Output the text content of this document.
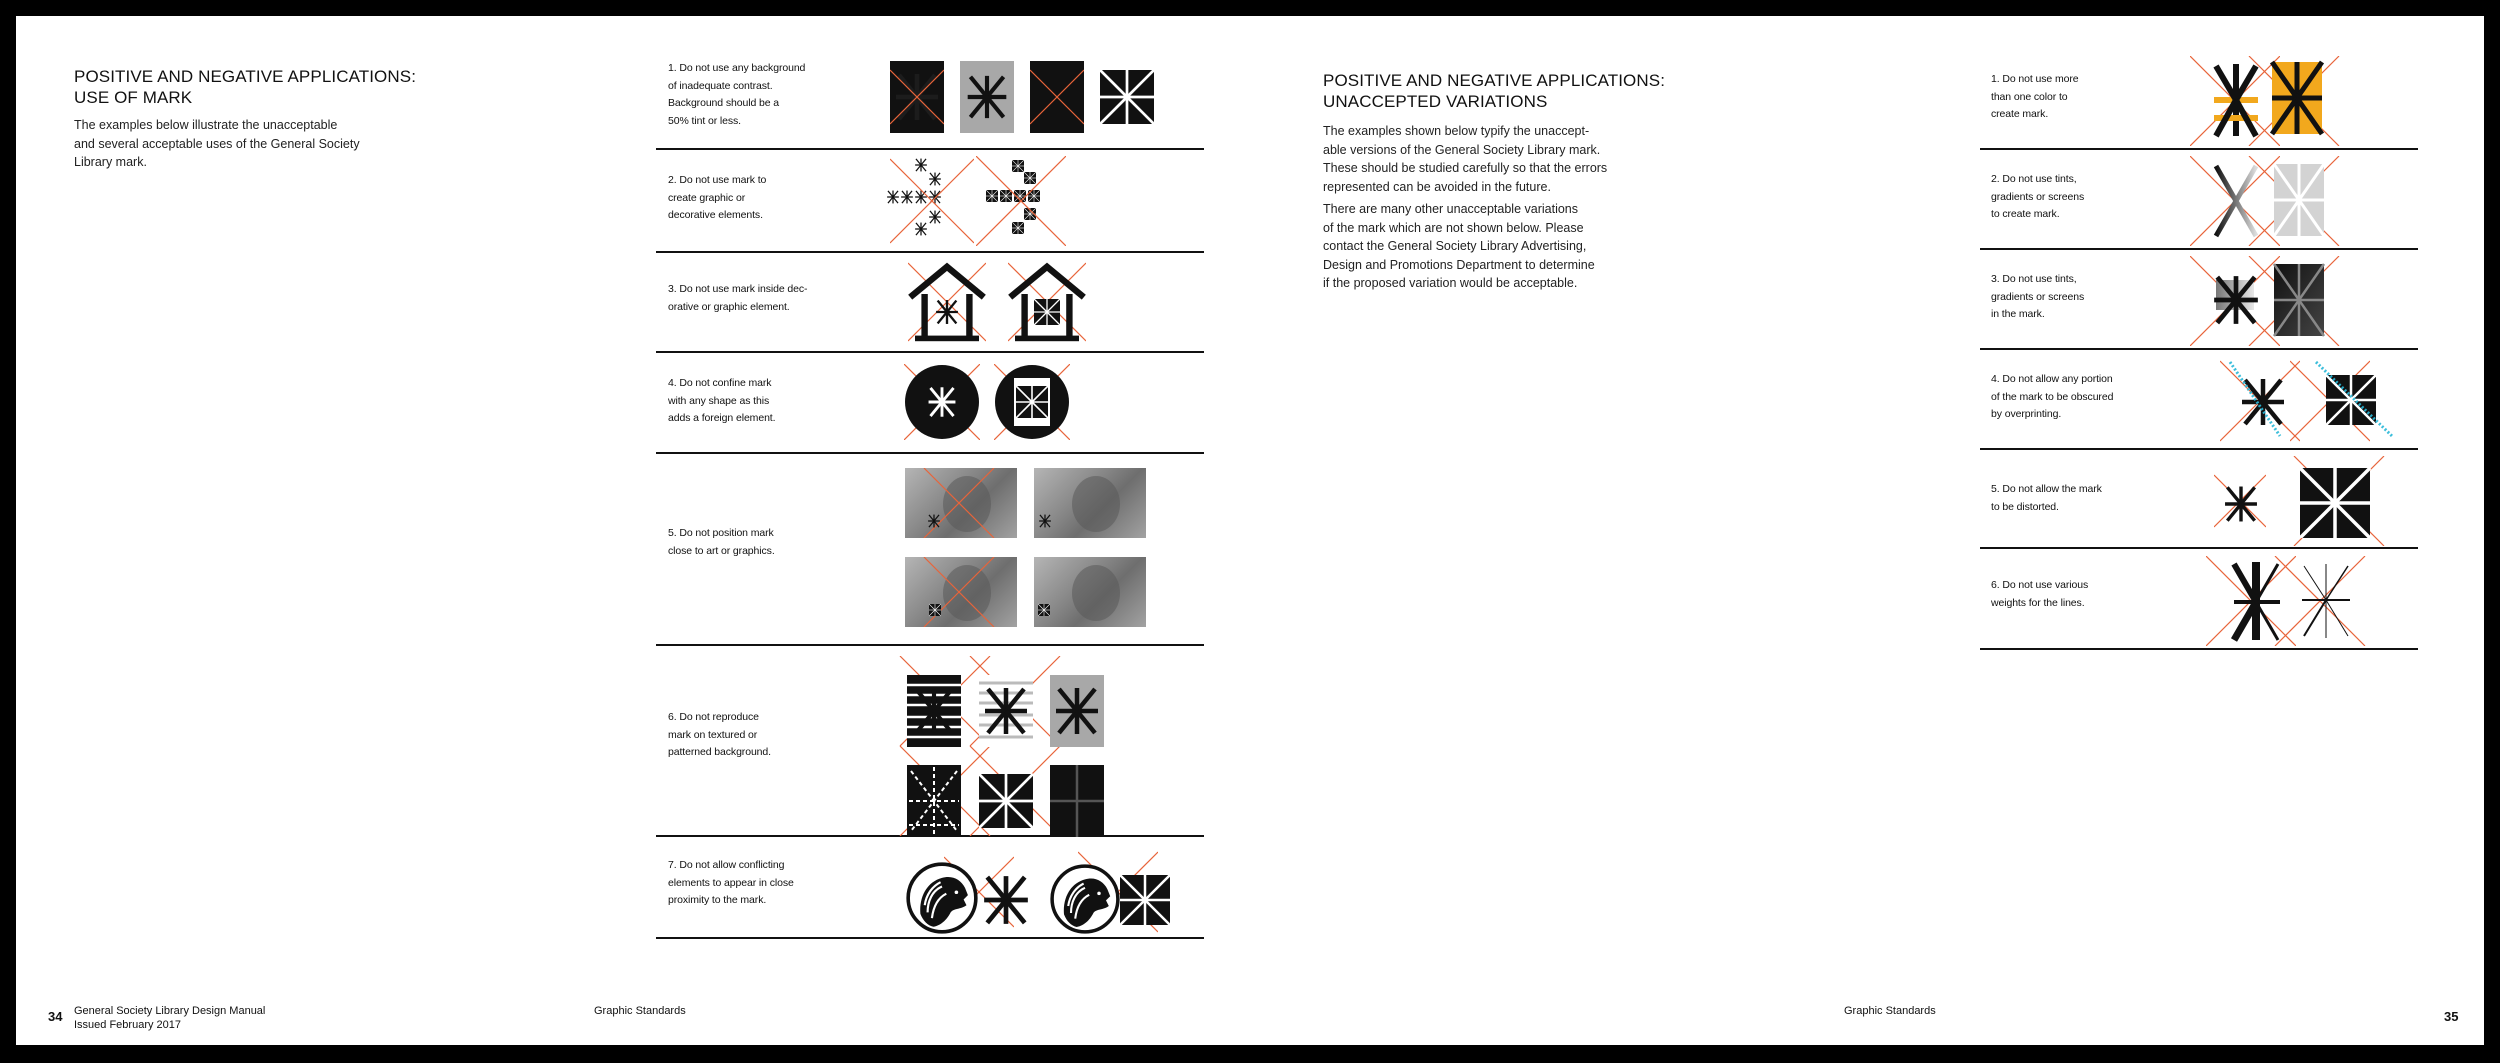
POSITIVE AND NEGATIVE APPLICATIONS:
USE OF MARK
The examples below illustrate the unacceptable
and several acceptable uses of the General Society
Library mark.
1. Do not use any background
of inadequate contrast.
Background should be a
50% tint or less.
2. Do not use mark to
create graphic or
decorative elements.
3. Do not use mark inside dec-
orative or graphic element.
4. Do not confine mark
with any shape as this
adds a foreign element.
5. Do not position mark
close to art or graphics.
6. Do not reproduce
mark on textured or
patterned background.
7. Do not allow conflicting
elements to appear in close
proximity to the mark.
POSITIVE AND NEGATIVE APPLICATIONS:
UNACCEPTED VARIATIONS
The examples shown below typify the unaccept-
able versions of the General Society Library mark.
These should be studied carefully so that the errors
represented can be avoided in the future.
There are many other unacceptable variations
of the mark which are not shown below. Please
contact the General Society Library Advertising,
Design and Promotions Department to determine
if the proposed variation would be acceptable.
1. Do not use more
than one color to
create mark.
2. Do not use tints,
gradients or screens
to create mark.
3. Do not use tints,
gradients or screens
in the mark.
4. Do not allow any portion
of the mark to be obscured
by overprinting.
5. Do not allow the mark
to be distorted.
6. Do not use various
weights for the lines.
34 General Society Library Design Manual
Issued February 2017
Graphic Standards	Graphic Standards	35
